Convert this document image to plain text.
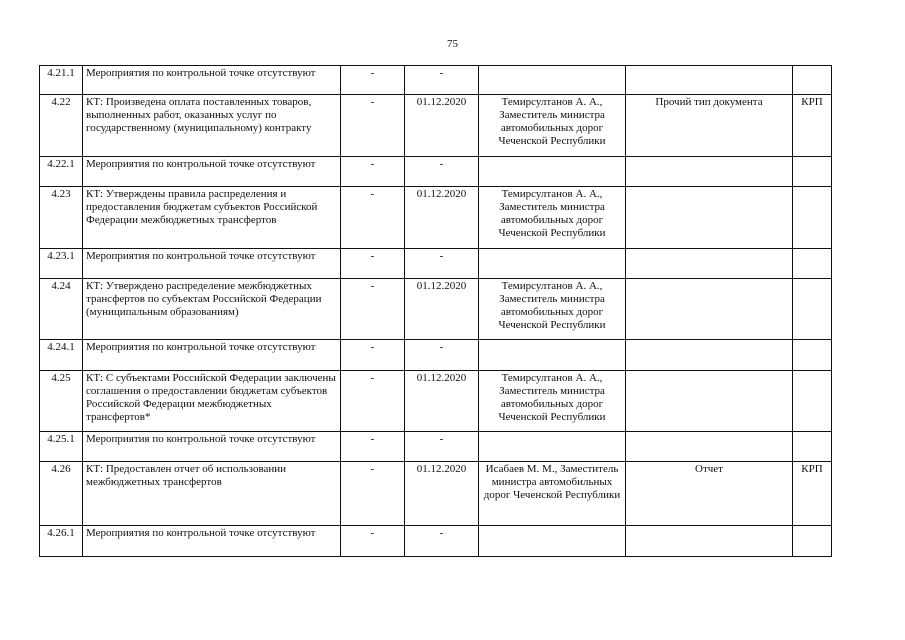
75
4.21.1	Мероприятия по контрольной точке отсутствуют	-	-			
4.22	КТ: Произведена оплата поставленных товаров, выполненных работ, оказанных услуг по государственному (муниципальному) контракту	-	01.12.2020	Темирсултанов А. А., Заместитель министра автомобильных дорог Чеченской Республики	Прочий тип документа	КРП
4.22.1	Мероприятия по контрольной точке отсутствуют	-	-			
4.23	КТ: Утверждены правила распределения и предоставления бюджетам субъектов Российской Федерации межбюджетных трансфертов	-	01.12.2020	Темирсултанов А. А., Заместитель министра автомобильных дорог Чеченской Республики		
4.23.1	Мероприятия по контрольной точке отсутствуют	-	-			
4.24	КТ: Утверждено распределение межбюджетных трансфертов по субъектам Российской Федерации (муниципальным образованиям)	-	01.12.2020	Темирсултанов А. А., Заместитель министра автомобильных дорог Чеченской Республики		
4.24.1	Мероприятия по контрольной точке отсутствуют	-	-			
4.25	КТ: С субъектами Российской Федерации заключены соглашения о предоставлении бюджетам субъектов Российской Федерации межбюджетных трансфертов*	-	01.12.2020	Темирсултанов А. А., Заместитель министра автомобильных дорог Чеченской Республики		
4.25.1	Мероприятия по контрольной точке отсутствуют	-	-			
4.26	КТ: Предоставлен отчет об использовании межбюджетных трансфертов	-	01.12.2020	Исабаев М. М., Заместитель министра автомобильных дорог Чеченской Республики	Отчет	КРП
4.26.1	Мероприятия по контрольной точке отсутствуют	-	-			
